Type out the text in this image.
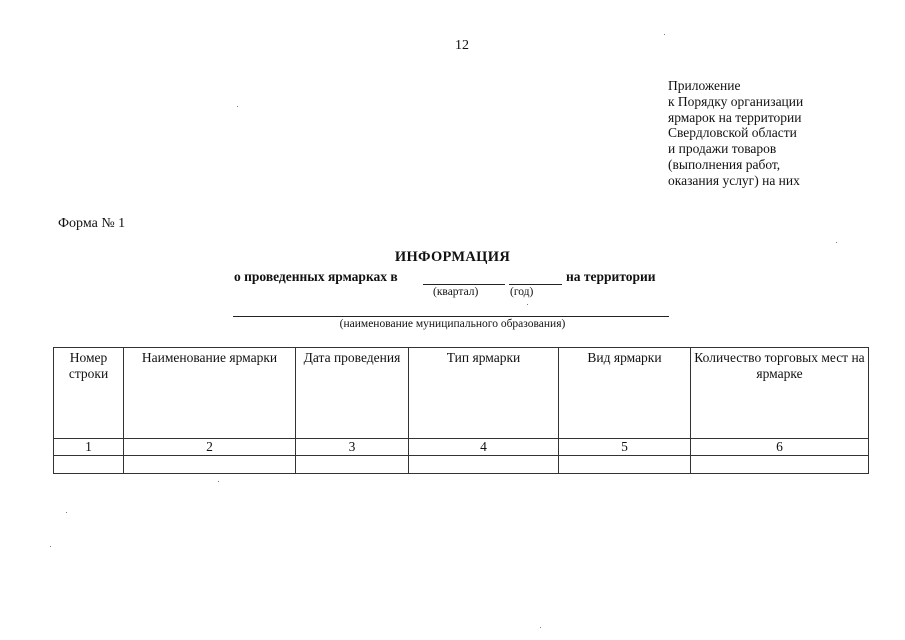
12
Приложение
к Порядку организации
ярмарок на территории
Свердловской области
и продажи товаров
(выполнения работ,
оказания услуг) на них
Форма № 1
ИНФОРМАЦИЯ
о проведенных ярмарках в	на территории
(квартал)	(год)
(наименование муниципального образования)
Номер строки	Наименование ярмарки	Дата проведения	Тип ярмарки	Вид ярмарки	Количество торговых мест на ярмарке
1	2	3	4	5	6
